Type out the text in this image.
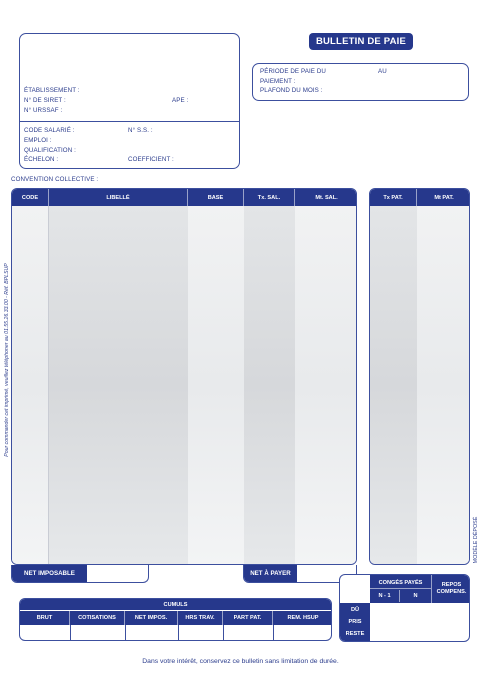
BULLETIN DE PAIE
ÉTABLISSEMENT :
N° DE SIRET :	APE :
N° URSSAF :
CODE SALARIÉ :	N° S.S. :
EMPLOI :
QUALIFICATION :
ÉCHELON :	COEFFICIENT :
PÉRIODE DE PAIE DU	AU
PAIEMENT :
PLAFOND DU MOIS :
CONVENTION COLLECTIVE :
CODE	LIBELLÉ	BASE	Tx. SAL.	Mt. SAL.	Tx PAT.	Mt PAT.
NET IMPOSABLE	NET À PAYER
CUMULS
BRUT	COTISATIONS	NET IMPOS.	HRS TRAV.	PART PAT.	REM. HSUP
CONGÉS PAYÉS
N - 1	N
REPOS COMPENS.
DÛ
PRIS
RESTE
Pour commander cet imprimé, veuillez téléphoner au 01.55.26.33.00 - Réf. BPLSUP
MODÈLE DÉPOSÉ
Dans votre intérêt, conservez ce bulletin sans limitation de durée.
